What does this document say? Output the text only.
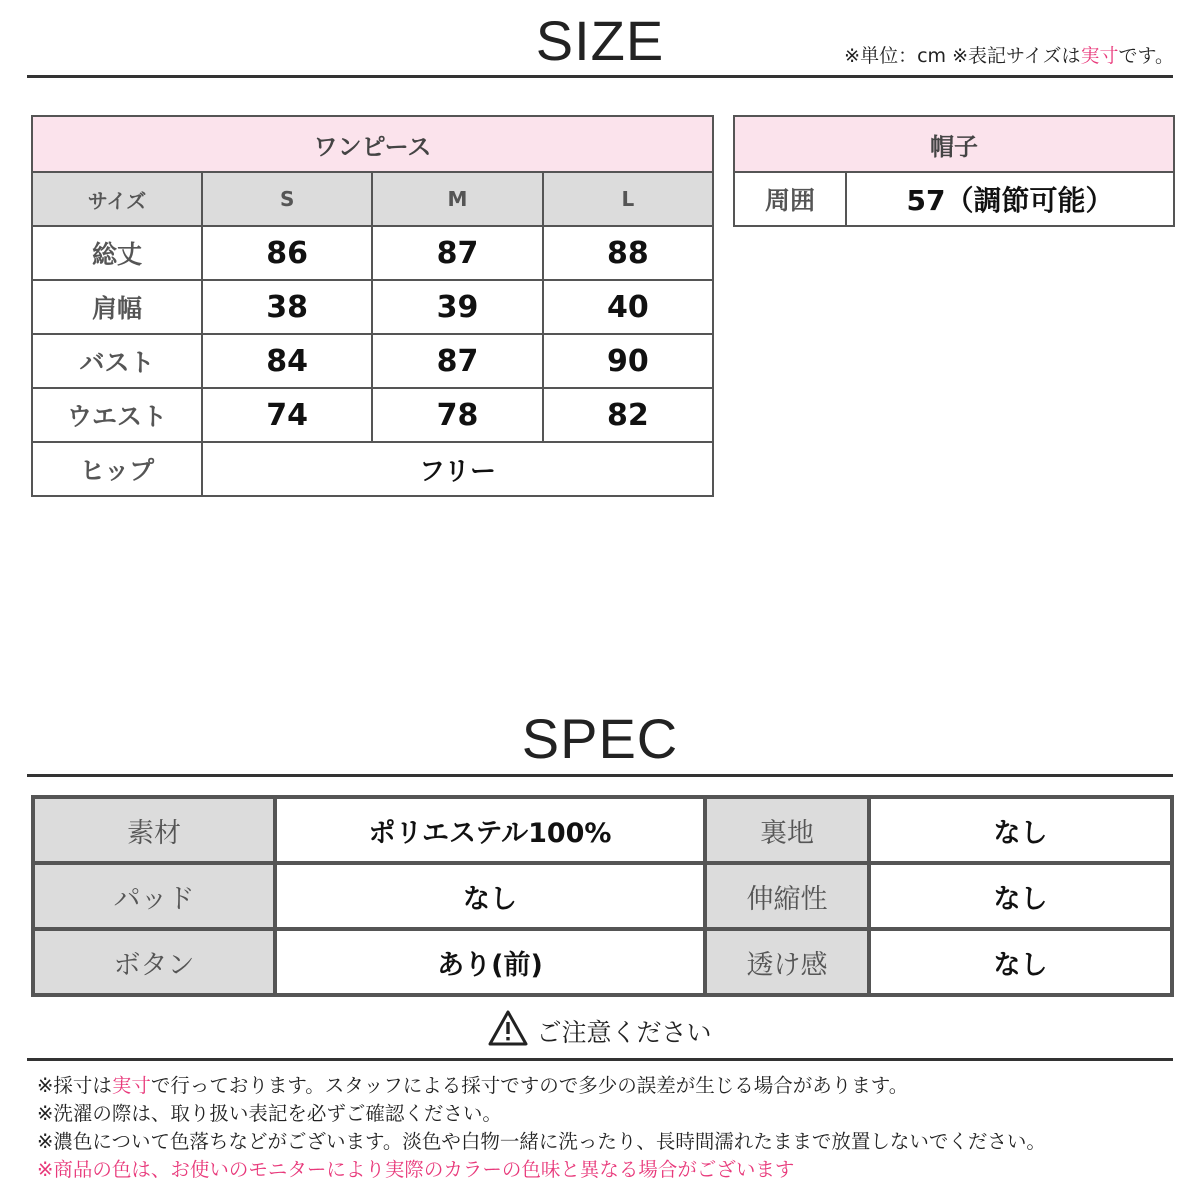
SIZE	※単位：cm ※表記サイズは実寸です。
ワンピース			
サイズ	S	M	L
総丈	86	87	88
肩幅	38	39	40
バスト	84	87	90
ウエスト	74	78	82
ヒップ	フリー		
帽子
周囲	57（調節可能）
SPEC
素材	ポリエステル100%	裏地	なし
パッド	なし	伸縮性	なし
ボタン	あり(前)	透け感	なし
ご注意ください
※採寸は実寸で行っております。スタッフによる採寸ですので多少の誤差が生じる場合があります。
※洗濯の際は、取り扱い表記を必ずご確認ください。
※濃色について色落ちなどがございます。淡色や白物一緒に洗ったり、長時間濡れたままで放置しないでください。
※商品の色は、お使いのモニターにより実際のカラーの色味と異なる場合がございます
